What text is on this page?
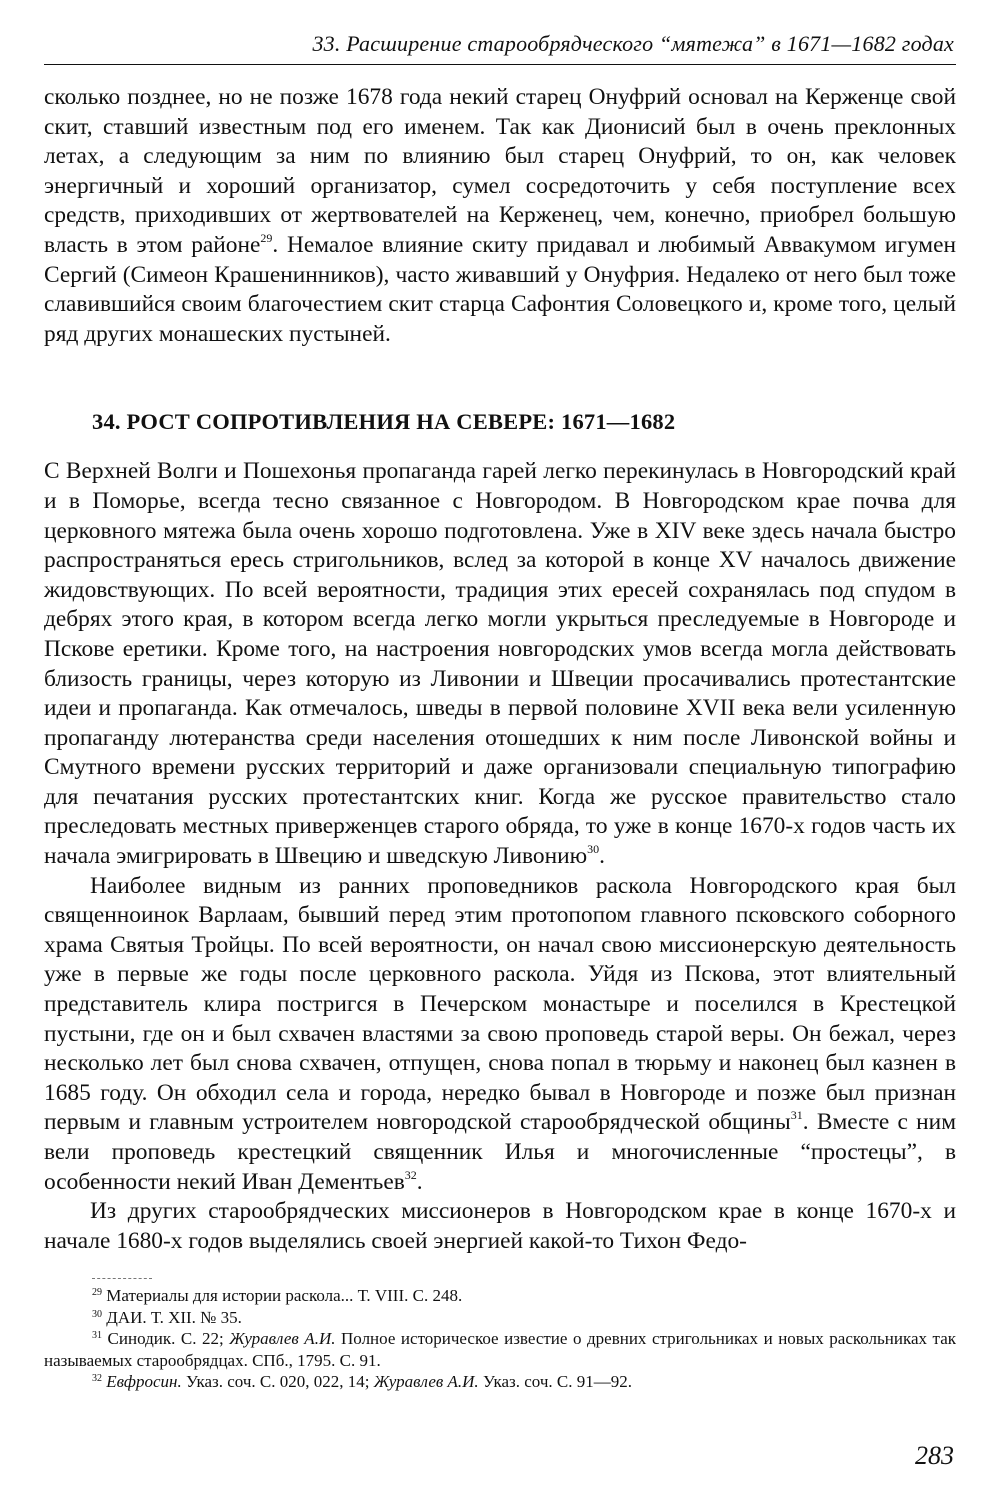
33. Расширение старообрядческого “мятежа” в 1671—1682 годах

сколько позднее, но не позже 1678 года некий старец Онуфрий основал на Керженце свой скит, ставший известным под его именем. Так как Дионисий был в очень преклонных летах, а следующим за ним по влиянию был старец Онуфрий, то он, как человек энергичный и хороший организатор, сумел сосредоточить у себя поступление всех средств, приходивших от жертвователей на Керженец, чем, конечно, приобрел большую власть в этом районе$^{29}$. Немалое влияние скиту придавал и любимый Аввакумом игумен Сергий (Симеон Крашенинников), часто живавший у Онуфрия. Недалеко от него был тоже славившийся своим благочестием скит старца Сафонтия Соловецкого и, кроме того, целый ряд других монашеских пустыней.

34. РОСТ СОПРОТИВЛЕНИЯ НА СЕВЕРЕ: 1671—1682

С Верхней Волги и Пошехонья пропаганда гарей легко перекинулась в Новгородский край и в Поморье, всегда тесно связанное с Новгородом. В Новгородском крае почва для церковного мятежа была очень хорошо подготовлена. Уже в XIV веке здесь начала быстро распространяться ересь стригольников, вслед за которой в конце XV началось движение жидовствующих. По всей вероятности, традиция этих ересей сохранялась под спудом в дебрях этого края, в котором всегда легко могли укрыться преследуемые в Новгороде и Пскове еретики. Кроме того, на настроения новгородских умов всегда могла действовать близость границы, через которую из Ливонии и Швеции просачивались протестантские идеи и пропаганда. Как отмечалось, шведы в первой половине XVII века вели усиленную пропаганду лютеранства среди населения отошедших к ним после Ливонской войны и Смутного времени русских территорий и даже организовали специальную типографию для печатания русских протестантских книг. Когда же русское правительство стало преследовать местных приверженцев старого обряда, то уже в конце 1670-х годов часть их начала эмигрировать в Швецию и шведскую Ливонию$^{30}$.

Наиболее видным из ранних проповедников раскола Новгородского края был священноинок Варлаам, бывший перед этим протопопом главного псковского соборного храма Святыя Тройцы. По всей вероятности, он начал свою миссионерскую деятельность уже в первые же годы после церковного раскола. Уйдя из Пскова, этот влиятельный представитель клира постригся в Печерском монастыре и поселился в Крестецкой пустыни, где он и был схвачен властями за свою проповедь старой веры. Он бежал, через несколько лет был снова схвачен, отпущен, снова попал в тюрьму и наконец был казнен в 1685 году. Он обходил села и города, нередко бывал в Новгороде и позже был признан первым и главным устроителем новгородской старообрядческой общины$^{31}$. Вместе с ним вели проповедь крестецкий священник Илья и многочисленные “простецы”, в особенности некий Иван Дементьев$^{32}$.

Из других старообрядческих миссионеров в Новгородском крае в конце 1670-х и начале 1680-х годов выделялись своей энергией какой-то Тихон Федо-

$^{29}$ Материалы для истории раскола... Т. VIII. С. 248.

$^{30}$ ДАИ. Т. XII. № 35.

$^{31}$ Синодик. С. 22; Журавлев А.И. Полное историческое известие о древних стригольниках и новых раскольниках так называемых старообрядцах. СПб., 1795. С. 91.

$^{32}$ Евфросин. Указ. соч. С. 020, 022, 14; Журавлев А.И. Указ. соч. С. 91—92.

283
